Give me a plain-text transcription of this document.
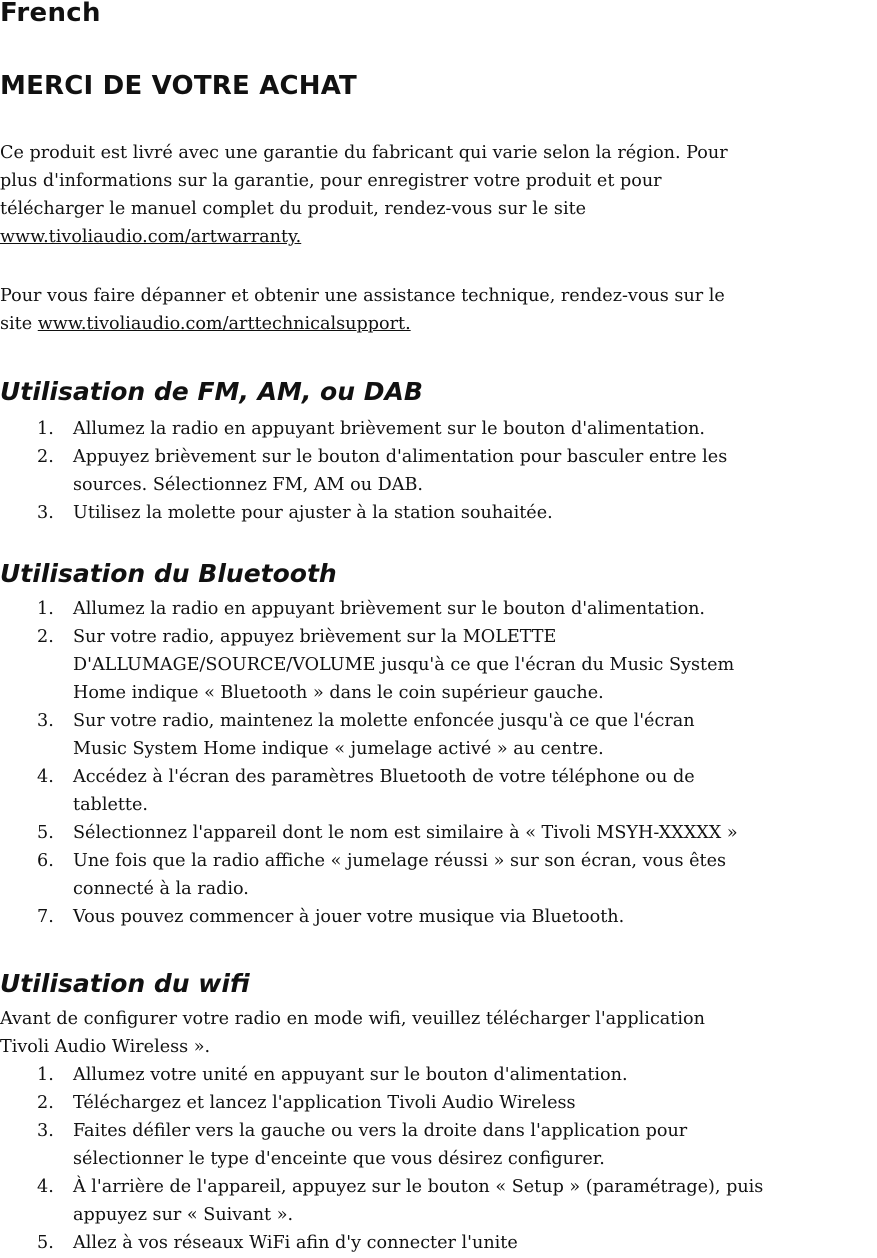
French
MERCI DE VOTRE ACHAT
Ce produit est livré avec une garantie du fabricant qui varie selon la région. Pour
plus d'informations sur la garantie, pour enregistrer votre produit et pour
télécharger le manuel complet du produit, rendez-vous sur le site
www.tivoliaudio.com/artwarranty.
Pour vous faire dépanner et obtenir une assistance technique, rendez-vous sur le
site www.tivoliaudio.com/arttechnicalsupport.
Utilisation de FM, AM, ou DAB
1. Allumez la radio en appuyant brièvement sur le bouton d'alimentation.
2. Appuyez brièvement sur le bouton d'alimentation pour basculer entre les
sources. Sélectionnez FM, AM ou DAB.
3. Utilisez la molette pour ajuster à la station souhaitée.
Utilisation du Bluetooth
1. Allumez la radio en appuyant brièvement sur le bouton d'alimentation.
2. Sur votre radio, appuyez brièvement sur la MOLETTE
D'ALLUMAGE/SOURCE/VOLUME jusqu'à ce que l'écran du Music System
Home indique « Bluetooth » dans le coin supérieur gauche.
3. Sur votre radio, maintenez la molette enfoncée jusqu'à ce que l'écran
Music System Home indique « jumelage activé » au centre.
4. Accédez à l'écran des paramètres Bluetooth de votre téléphone ou de
tablette.
5. Sélectionnez l'appareil dont le nom est similaire à « Tivoli MSYH-XXXXX »
6. Une fois que la radio affiche « jumelage réussi » sur son écran, vous êtes
connecté à la radio.
7. Vous pouvez commencer à jouer votre musique via Bluetooth.
Utilisation du wifi
Avant de configurer votre radio en mode wifi, veuillez télécharger l'application
Tivoli Audio Wireless ».
1. Allumez votre unité en appuyant sur le bouton d'alimentation.
2. Téléchargez et lancez l'application Tivoli Audio Wireless
3. Faites défiler vers la gauche ou vers la droite dans l'application pour
sélectionner le type d'enceinte que vous désirez configurer.
4. À l'arrière de l'appareil, appuyez sur le bouton « Setup » (paramétrage), puis
appuyez sur « Suivant ».
5. Allez à vos réseaux WiFi afin d'y connecter l'unite
